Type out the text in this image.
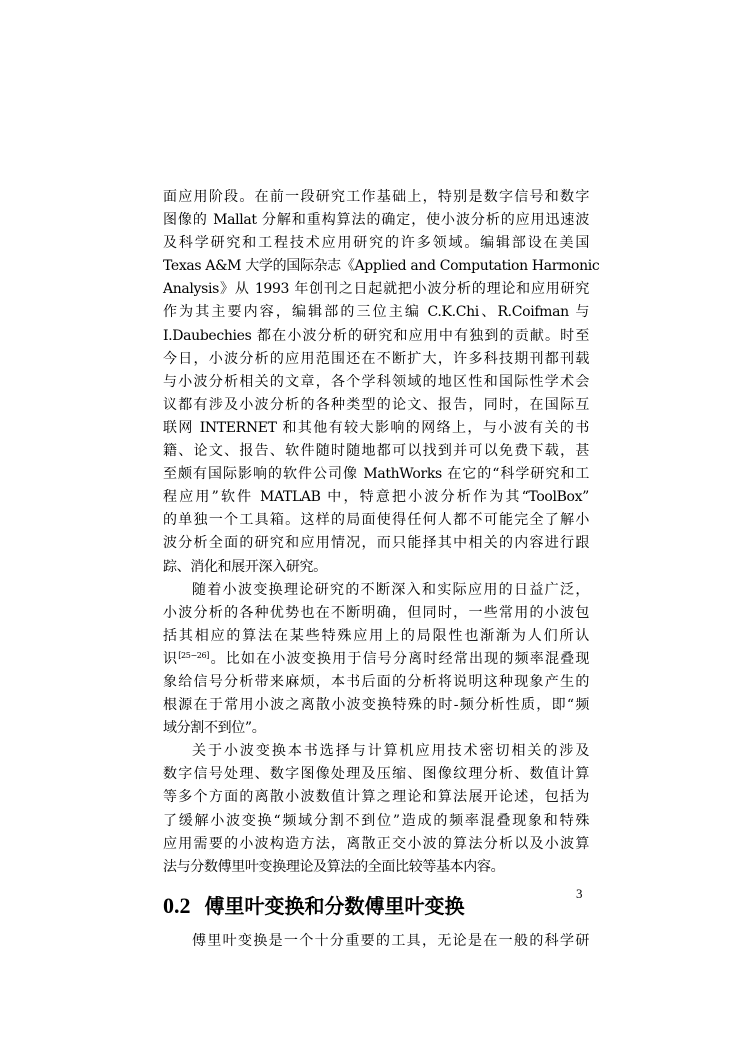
面应用阶段。在前一段研究工作基础上，特别是数字信号和数字
图像的 Mallat 分解和重构算法的确定，使小波分析的应用迅速波
及科学研究和工程技术应用研究的许多领域。编辑部设在美国
Texas A&M 大学的国际杂志《Applied and Computation Harmonic
Analysis》从 1993 年创刊之日起就把小波分析的理论和应用研究
作为其主要内容，编辑部的三位主编 C.K.Chi、R.Coifman 与
I.Daubechies 都在小波分析的研究和应用中有独到的贡献。时至
今日，小波分析的应用范围还在不断扩大，许多科技期刊都刊载
与小波分析相关的文章，各个学科领域的地区性和国际性学术会
议都有涉及小波分析的各种类型的论文、报告，同时，在国际互
联网 INTERNET 和其他有较大影响的网络上，与小波有关的书
籍、论文、报告、软件随时随地都可以找到并可以免费下载，甚
至颇有国际影响的软件公司像 MathWorks 在它的“科学研究和工
程应用”软件 MATLAB 中，特意把小波分析作为其“ToolBox”
的单独一个工具箱。这样的局面使得任何人都不可能完全了解小
波分析全面的研究和应用情况，而只能择其中相关的内容进行跟
踪、消化和展开深入研究。
随着小波变换理论研究的不断深入和实际应用的日益广泛，
小波分析的各种优势也在不断明确，但同时，一些常用的小波包
括其相应的算法在某些特殊应用上的局限性也渐渐为人们所认
识[25−26]。比如在小波变换用于信号分离时经常出现的频率混叠现
象给信号分析带来麻烦，本书后面的分析将说明这种现象产生的
根源在于常用小波之离散小波变换特殊的时-频分析性质，即“频
域分割不到位”。
关于小波变换本书选择与计算机应用技术密切相关的涉及
数字信号处理、数字图像处理及压缩、图像纹理分析、数值计算
等多个方面的离散小波数值计算之理论和算法展开论述，包括为
了缓解小波变换“频域分割不到位”造成的频率混叠现象和特殊
应用需要的小波构造方法，离散正交小波的算法分析以及小波算
法与分数傅里叶变换理论及算法的全面比较等基本内容。
0.2 傅里叶变换和分数傅里叶变换
傅里叶变换是一个十分重要的工具，无论是在一般的科学研
3
